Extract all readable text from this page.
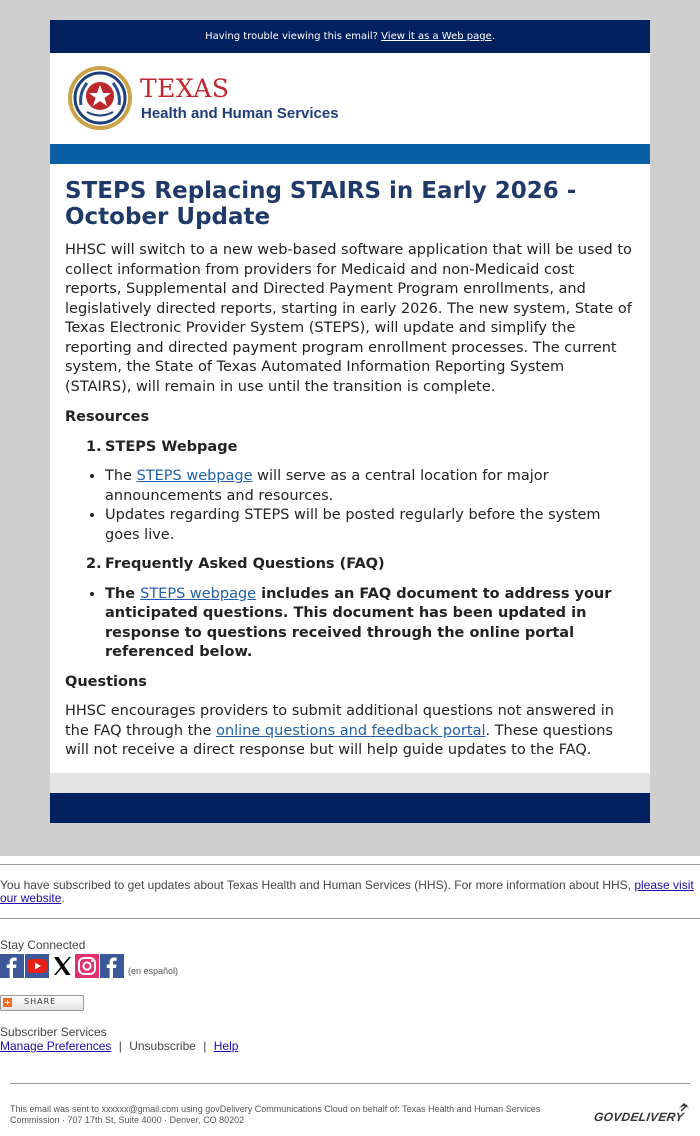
Having trouble viewing this email? View it as a Web page.
TEXAS
Health and Human Services
STEPS Replacing STAIRS in Early 2026 - October Update

HHSC will switch to a new web-based software application that will be used to collect information from providers for Medicaid and non-Medicaid cost reports, Supplemental and Directed Payment Program enrollments, and legislatively directed reports, starting in early 2026. The new system, State of Texas Electronic Provider System (STEPS), will update and simplify the reporting and directed payment program enrollment processes. The current system, the State of Texas Automated Information Reporting System (STAIRS), will remain in use until the transition is complete.

Resources
1. STEPS Webpage
• The STEPS webpage will serve as a central location for major announcements and resources.
• Updates regarding STEPS will be posted regularly before the system goes live.
2. Frequently Asked Questions (FAQ)
• The STEPS webpage includes an FAQ document to address your anticipated questions. This document has been updated in response to questions received through the online portal referenced below.
Questions

HHSC encourages providers to submit additional questions not answered in the FAQ through the online questions and feedback portal. These questions will not receive a direct response but will help guide updates to the FAQ.

You have subscribed to get updates about Texas Health and Human Services (HHS). For more information about HHS, please visit our website.
Stay Connected
(en español)
+ SHARE
Subscriber Services
Manage Preferences | Unsubscribe | Help
This email was sent to xxxxxx@gmail.com using govDelivery Communications Cloud on behalf of: Texas Health and Human Services Commission · 707 17th St, Suite 4000 · Denver, CO 80202	GOVDELIVERY
